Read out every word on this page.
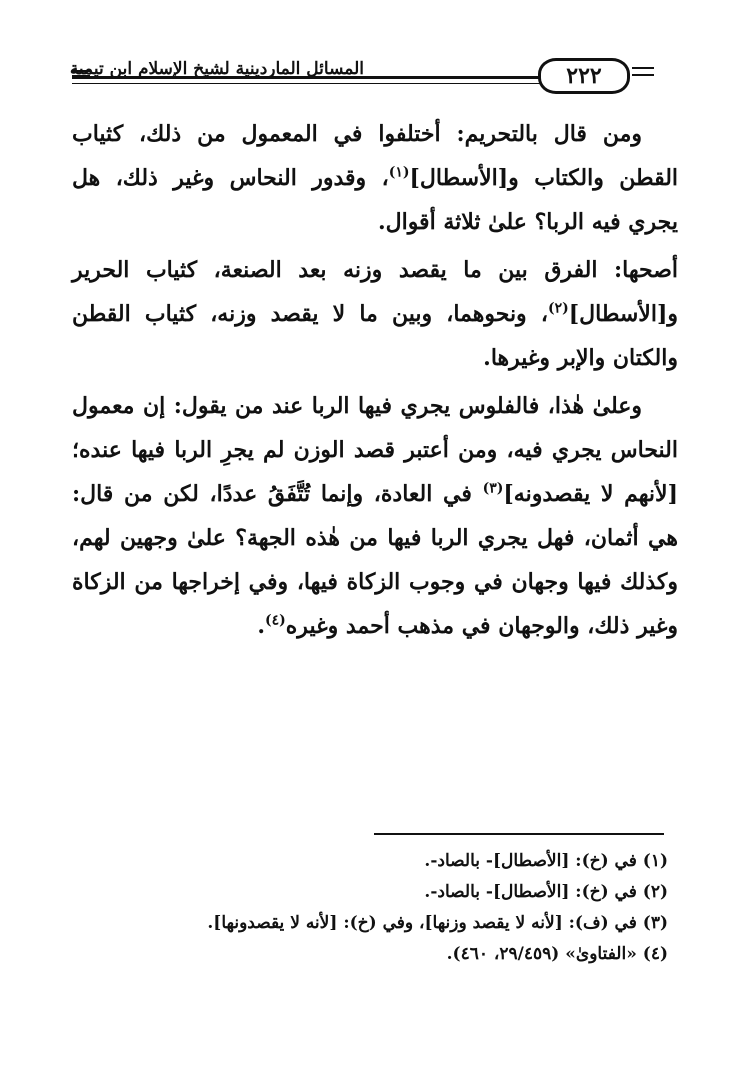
المسائل الماردينية لشيخ الإسلام ابن تيمية	٢٢٢

ومن قال بالتحريم: أختلفوا في المعمول من ذلك، كثياب القطن والكتاب و[الأسطال]$^{(١)}$، وقدور النحاس وغير ذلك، هل يجري فيه الربا؟ علىٰ ثلاثة أقوال.

أصحها: الفرق بين ما يقصد وزنه بعد الصنعة، كثياب الحرير و[الأسطال]$^{(٢)}$، ونحوهما، وبين ما لا يقصد وزنه، كثياب القطن والكتان والإبر وغيرها.

وعلىٰ هٰذا، فالفلوس يجري فيها الربا عند من يقول: إن معمول النحاس يجري فيه، ومن أعتبر قصد الوزن لم يجرِ الربا فيها عنده؛ [لأنهم لا يقصدونه]$^{(٣)}$ في العادة، وإنما تُتَّفَقُ عددًا، لكن من قال: هي أثمان، فهل يجري الربا فيها من هٰذه الجهة؟ علىٰ وجهين لهم، وكذلك فيها وجهان في وجوب الزكاة فيها، وفي إخراجها من الزكاة وغير ذلك، والوجهان في مذهب أحمد وغيره$^{(٤)}$.

(١) في (خ): [الأصطال]- بالصاد-.
(٢) في (خ): [الأصطال]- بالصاد-.
(٣) في (ف): [لأنه لا يقصد وزنها]، وفي (خ): [لأنه لا يقصدونها].
(٤) «الفتاوىٰ» (٢٩/٤٥٩، ٤٦٠).
